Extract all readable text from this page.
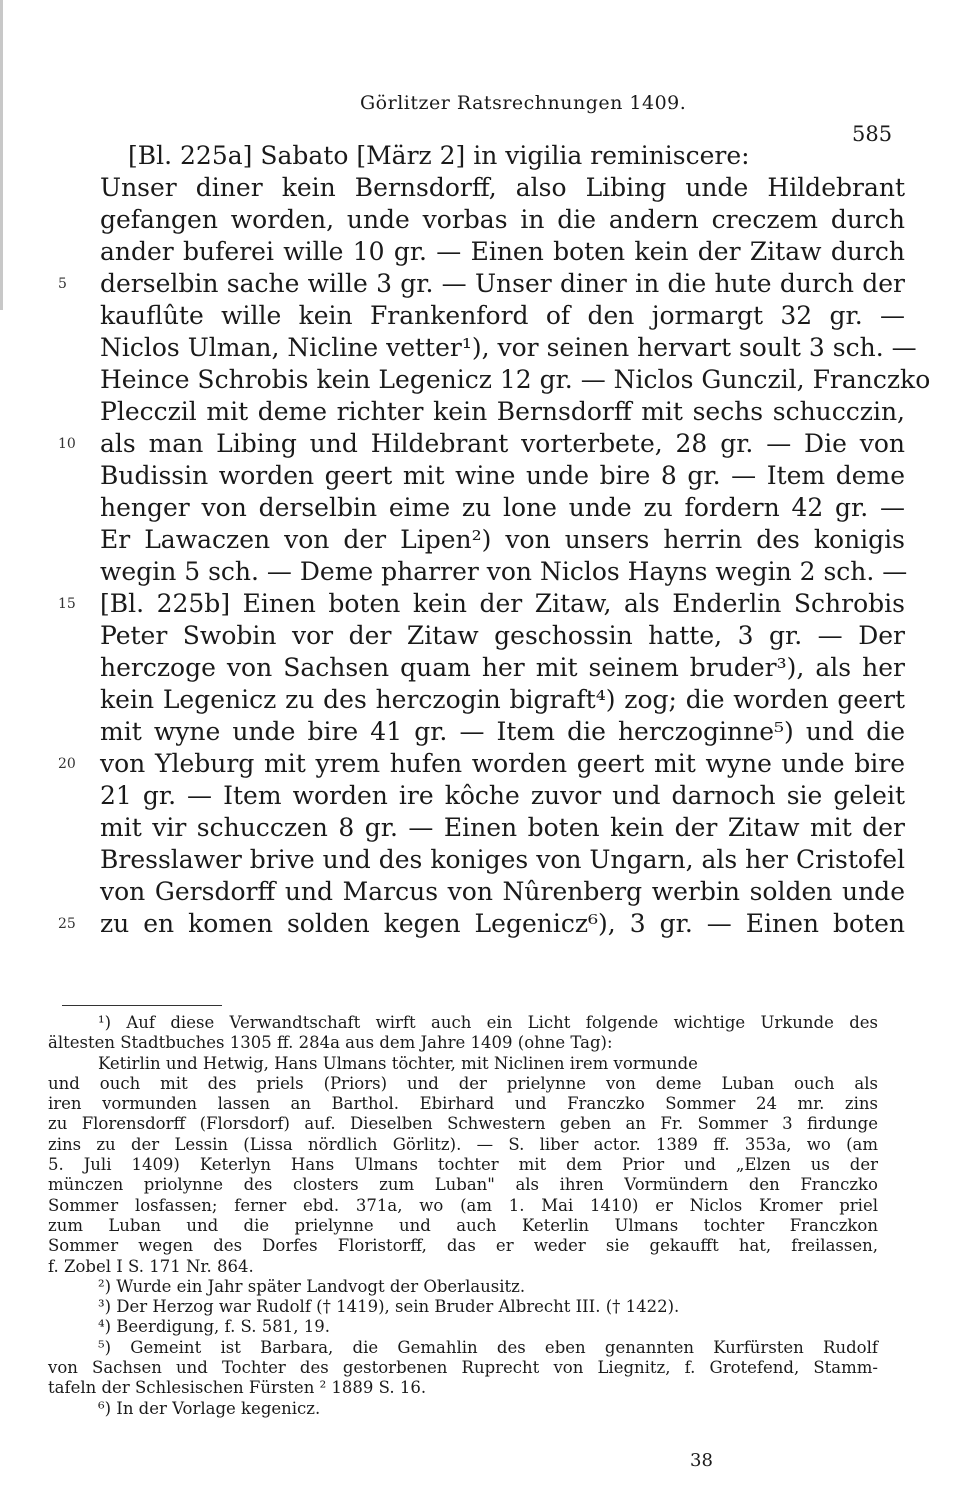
Görlitzer Ratsrechnungen 1409.
585
[Bl. 225a] Sabato [März 2] in vigilia reminiscere:
Unser diner kein Bernsdorff, also Libing unde Hildebrant
gefangen worden, unde vorbas in die andern creczem durch
ander buferei wille 10 gr. — Einen boten kein der Zitaw durch
5	derselbin sache wille 3 gr. — Unser diner in die hute durch der
kauflûte wille kein Frankenford of den jormargt 32 gr. —
Niclos Ulman, Nicline vetter¹), vor seinen hervart soult 3 sch. —
Heince Schrobis kein Legenicz 12 gr. — Niclos Gunczil, Franczko
Plecczil mit deme richter kein Bernsdorff mit sechs schucczin,
10 als man Libing und Hildebrant vorterbete, 28 gr. — Die von
Budissin worden geert mit wine unde bire 8 gr. — Item deme
henger von derselbin eime zu lone unde zu fordern 42 gr. —
Er Lawaczen von der Lipen²) von unsers herrin des konigis
wegin 5 sch. — Deme pharrer von Niclos Hayns wegin 2 sch. —
15 [Bl. 225b] Einen boten kein der Zitaw, als Enderlin Schrobis
Peter Swobin vor der Zitaw geschossin hatte, 3 gr. — Der
herczoge von Sachsen quam her mit seinem bruder³), als her
kein Legenicz zu des herczogin bigraft⁴) zog; die worden geert
mit wyne unde bire 41 gr. — Item die herczoginne⁵) und die
20 von Yleburg mit yrem hufen worden geert mit wyne unde bire
21 gr. — Item worden ire kôche zuvor und darnoch sie geleit
mit vir schucczen 8 gr. — Einen boten kein der Zitaw mit der
Bresslawer brive und des koniges von Ungarn, als her Cristofel
von Gersdorff und Marcus von Nûrenberg werbin solden unde
25 zu en komen solden kegen Legenicz⁶), 3 gr. — Einen boten
¹) Auf diese Verwandtschaft wirft auch ein Licht folgende wichtige Urkunde des
ältesten Stadtbuches 1305 ff. 284a aus dem Jahre 1409 (ohne Tag):
Ketirlin und Hetwig, Hans Ulmans töchter, mit Niclinen irem vormunde
und ouch mit des priels (Priors) und der prielynne von deme Luban ouch als
iren vormunden lassen an Barthol. Ebirhard und Franczko Sommer 24 mr. zins
zu Florensdorff (Florsdorf) auf. Dieselben Schwestern geben an Fr. Sommer 3 firdunge
zins zu der Lessin (Lissa nördlich Görlitz). — S. liber actor. 1389 ff. 353a, wo (am
5. Juli 1409) Keterlyn Hans Ulmans tochter mit dem Prior und „Elzen us der
münczen priolynne des closters zum Luban" als ihren Vormündern den Franczko
Sommer losfassen; ferner ebd. 371a, wo (am 1. Mai 1410) er Niclos Kromer priel
zum Luban und die prielynne und auch Keterlin Ulmans tochter Franczkon
Sommer wegen des Dorfes Floristorff, das er weder sie gekaufft hat, freilassen,
f. Zobel I S. 171 Nr. 864.
²) Wurde ein Jahr später Landvogt der Oberlausitz.
³) Der Herzog war Rudolf († 1419), sein Bruder Albrecht III. († 1422).
⁴) Beerdigung, f. S. 581, 19.
⁵) Gemeint ist Barbara, die Gemahlin des eben genannten Kurfürsten Rudolf
von Sachsen und Tochter des gestorbenen Ruprecht von Liegnitz, f. Grotefend, Stamm-
tafeln der Schlesischen Fürsten ² 1889 S. 16.
⁶) In der Vorlage kegenicz.
38
